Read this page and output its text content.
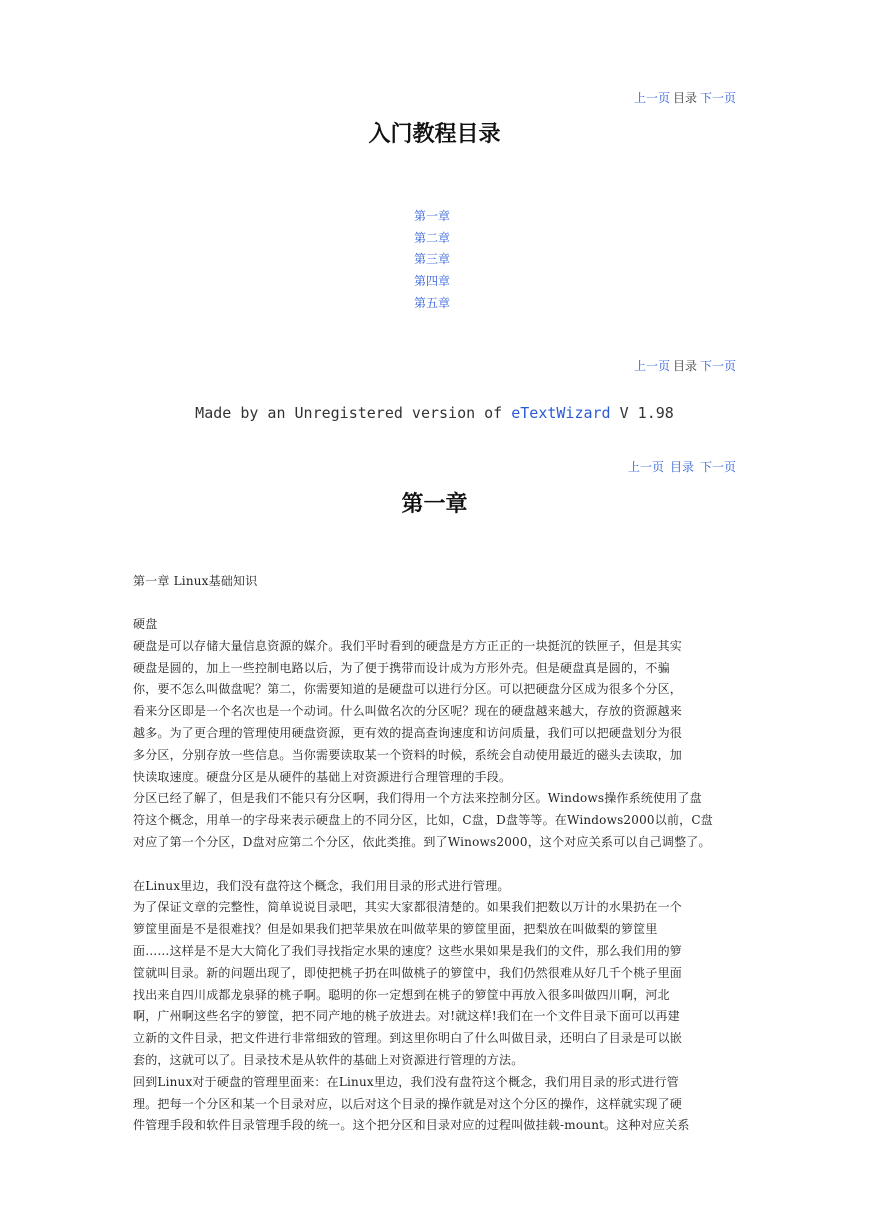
上一页 目录 下一页
入门教程目录
第一章
第二章
第三章
第四章
第五章
上一页 目录 下一页
Made by an Unregistered version of eTextWizard V 1.98
上一页 目录 下一页
第一章
第一章 Linux基础知识

硬盘

硬盘是可以存储大量信息资源的媒介。我们平时看到的硬盘是方方正正的一块挺沉的铁匣子，但是其实

硬盘是圆的，加上一些控制电路以后，为了便于携带而设计成为方形外壳。但是硬盘真是圆的，不骗

你，要不怎么叫做盘呢？第二，你需要知道的是硬盘可以进行分区。可以把硬盘分区成为很多个分区，

看来分区即是一个名次也是一个动词。什么叫做名次的分区呢？现在的硬盘越来越大，存放的资源越来

越多。为了更合理的管理使用硬盘资源，更有效的提高查询速度和访问质量，我们可以把硬盘划分为很

多分区，分别存放一些信息。当你需要读取某一个资料的时候，系统会自动使用最近的磁头去读取，加

快读取速度。硬盘分区是从硬件的基础上对资源进行合理管理的手段。

分区已经了解了，但是我们不能只有分区啊，我们得用一个方法来控制分区。Windows操作系统使用了盘

符这个概念，用单一的字母来表示硬盘上的不同分区，比如，C盘，D盘等等。在Windows2000以前，C盘

对应了第一个分区，D盘对应第二个分区，依此类推。到了Winows2000，这个对应关系可以自己调整了。

在Linux里边，我们没有盘符这个概念，我们用目录的形式进行管理。

为了保证文章的完整性，简单说说目录吧，其实大家都很清楚的。如果我们把数以万计的水果扔在一个

箩筐里面是不是很难找？但是如果我们把苹果放在叫做苹果的箩筐里面，把梨放在叫做梨的箩筐里

面……这样是不是大大简化了我们寻找指定水果的速度？这些水果如果是我们的文件，那么我们用的箩

筐就叫目录。新的问题出现了，即使把桃子扔在叫做桃子的箩筐中，我们仍然很难从好几千个桃子里面

找出来自四川成都龙泉驿的桃子啊。聪明的你一定想到在桃子的箩筐中再放入很多叫做四川啊，河北

啊，广州啊这些名字的箩筐，把不同产地的桃子放进去。对!就这样!我们在一个文件目录下面可以再建

立新的文件目录，把文件进行非常细致的管理。到这里你明白了什么叫做目录，还明白了目录是可以嵌

套的，这就可以了。目录技术是从软件的基础上对资源进行管理的方法。

回到Linux对于硬盘的管理里面来：在Linux里边，我们没有盘符这个概念，我们用目录的形式进行管

理。把每一个分区和某一个目录对应，以后对这个目录的操作就是对这个分区的操作，这样就实现了硬

件管理手段和软件目录管理手段的统一。这个把分区和目录对应的过程叫做挂载-mount。这种对应关系
